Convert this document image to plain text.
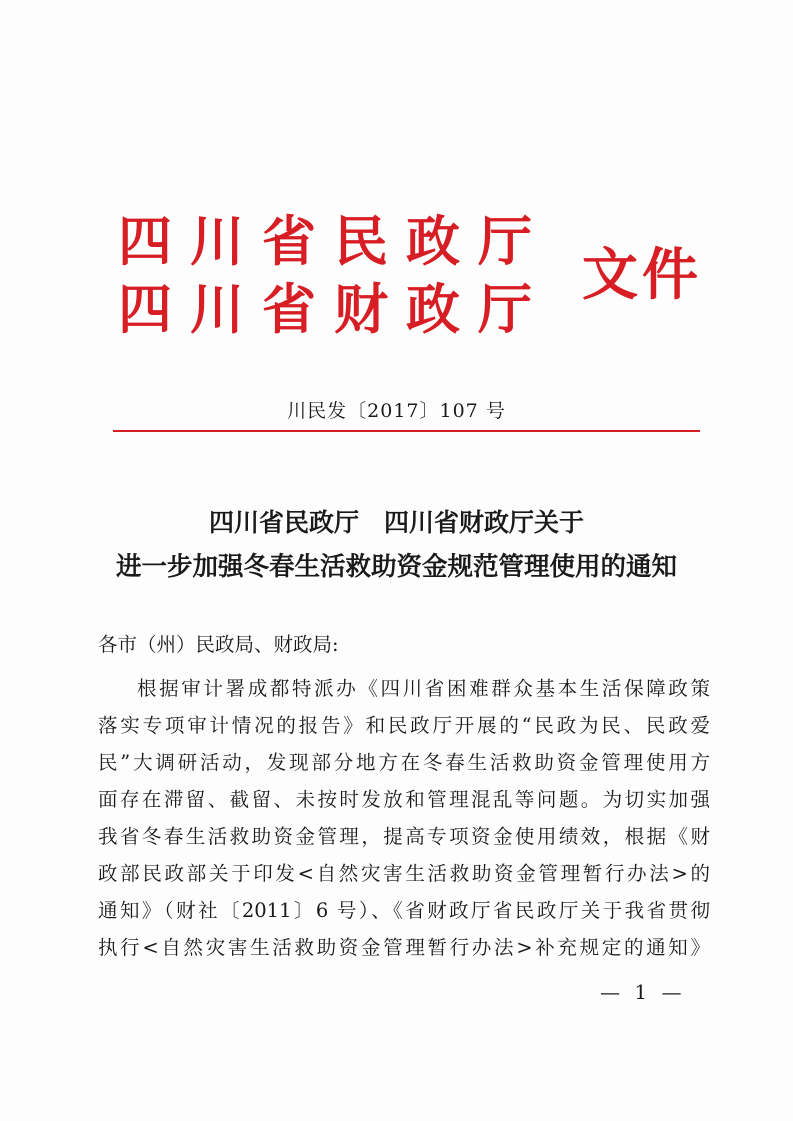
四川省民政厅
四川省财政厅
文件
川民发〔2017〕107 号
四川省民政厅　四川省财政厅关于
进一步加强冬春生活救助资金规范管理使用的通知
各市（州）民政局、财政局:
根据审计署成都特派办《四川省困难群众基本生活保障政策
落实专项审计情况的报告》和民政厅开展的“民政为民、民政爱
民”大调研活动，发现部分地方在冬春生活救助资金管理使用方
面存在滞留、截留、未按时发放和管理混乱等问题。为切实加强
我省冬春生活救助资金管理，提高专项资金使用绩效，根据《财
政部民政部关于印发<自然灾害生活救助资金管理暂行办法>的
通知》（财社〔2011〕6 号）、《省财政厅省民政厅关于我省贯彻
执行<自然灾害生活救助资金管理暂行办法>补充规定的通知》
— 1 —
